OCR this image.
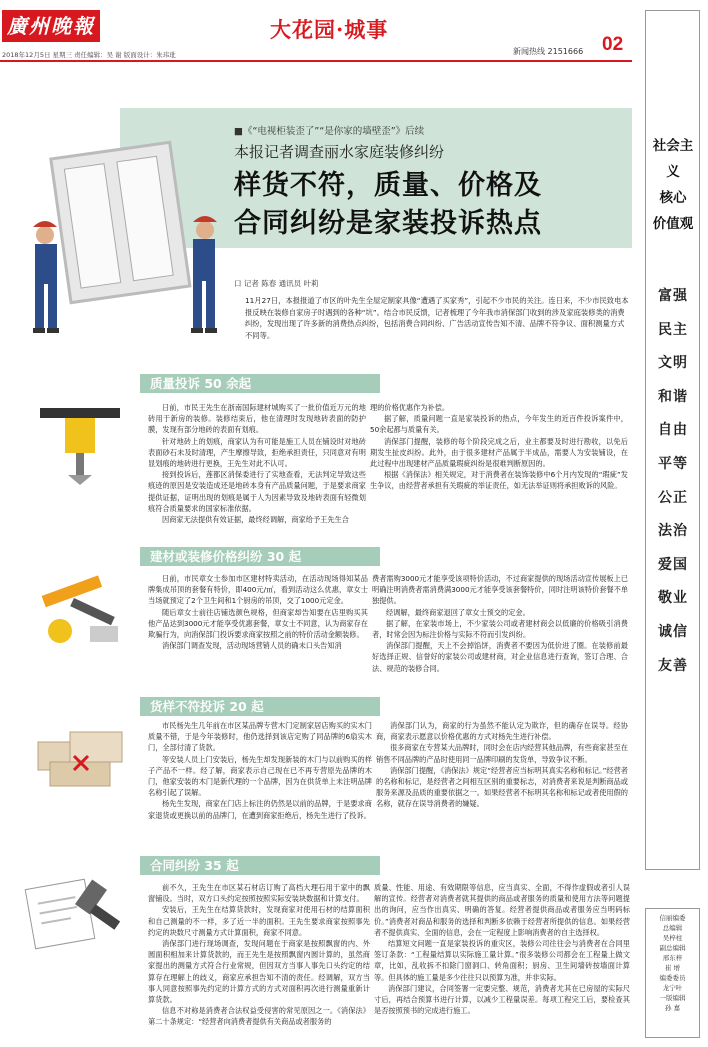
廣州晚報	大花园·城事
02
新闻热线 2151666
2018年12月5日 星期三 责任编辑：吴 谢 版面设计：朱玮玭
■《“电视柜装歪了”“是你家的墙壁歪”》后续
本报记者调查丽水家庭装修纠纷
样货不符，质量、价格及
合同纠纷是家装投诉热点
口 记者 陈春 通讯员 叶莉
11月27日，本报报道了市区的叶先生全屋定制家具像“遭遇了买家秀”，引起不少市民的关注。连日来，不少市民致电本报反映在装修自家房子时遇到的各种“坑”。结合市民反馈，记者梳理了今年我市消保部门收到的涉及家庭装修类的消费纠纷，发现出现了许多新的消费热点纠纷，包括消费合同纠纷、广告活动宣传告知不清、品牌不符争议、面积测量方式不同等。
质量投诉 50 余起

日前，市民王先生在浙南国际建材城购买了一批价值近万元的地砖用于新房的装修。装修结束后，他在清理时发现地砖表面的防护膜，发现有部分地砖的表面有划痕。

针对地砖上的划痕，商家认为有可能是施工人员在铺设时对地砖表面砂石未及时清理，产生摩擦导致，拒绝承担责任，只同意对有明显划痕的地砖进行更换，王先生对此不认可。

接到投诉后，莲都区消保委进行了实地查看，无法判定导致这些痕迹的原因是安装造成还是地砖本身有产品质量问题，于是要求商家提供证据，证明出现的划痕是属于人为因素导致及地砖表面有轻微划痕符合质量要求的国家标准依据。

因商家无法提供有效证据，最终经调解，商家给予王先生合

理的价格优惠作为补偿。

据了解，质量问题一直是家装投诉的热点，今年发生的近百件投诉案件中，50余起都与质量有关。

消保部门提醒，装修的每个阶段完成之后，业主都要及时进行勘收，以免后期发生扯皮纠纷。此外，由于很多建材产品属于半成品，需要人为安装铺设，在此过程中出现建材产品质量瑕疵纠纷是很难判断原因的。

根据《消保法》相关规定，对于消费者在装饰装修中6个月内发现的“瑕疵”发生争议，由经营者承担有关瑕疵的举证责任，如无法举证则将承担败诉的风险。

建材或装修价格纠纷 30 起

日前，市民章女士参加市区建材特卖活动，在活动现场得知某品牌集成吊顶的套餐有特价，即400元/㎡，看到活动这么优惠，章女士当场就预定了2个卫生间和1个厨房的吊顶，交了1000元定金。

随后章女士前往店铺选颜色规格，但商家却告知要在店里购买其他产品达到3000元才能享受优惠套餐，章女士不同意，认为商家存在欺骗行为，向消保部门投诉要求商家按照之前的特价活动金额装修。

消保部门调查发现，活动现场营销人员的确未口头告知消

费者需购3000元才能享受该项特价活动，不过商家提供的现场活动宣传展板上已明确注明消费者需消费满3000元才能享受该套餐特价，同时注明该特价套餐不单独提供。

经调解，最终商家退回了章女士预交的定金。

据了解，在家装市场上，不少家装公司或者建材商会以低廉的价格吸引消费者，时常会因为标注价格与实际不符而引发纠纷。

消保部门提醒，天上不会掉馅饼，消费者不要因为低价进了圈。在装修前最好选择正规、信誉好的家装公司或建材商，对企业信息进行查询，签订合理、合法、规范的装修合同。

货样不符投诉 20 起

市民杨先生几年前在市区某品牌专营木门定制家居店购买的实木门质量不错，于是今年装修时，他仍选择到该店定购了同品牌的6扇实木门，全部付清了货款。

等安装人员上门安装后，杨先生却发现新装的木门与以前购买的样子产品不一样。经了解，商家表示自己现在已不再专营原先品牌的木门，他家安装的木门是新代理的一个品牌，因为在供货单上未注明品牌名称引起了误解。

杨先生发现，商家在门店上标注的仍然是以前的品牌，于是要求商家退货或更换以前的品牌门，在遭到商家拒绝后，杨先生进行了投诉。

消保部门认为，商家的行为虽然不能认定为欺诈，但的确存在误导。经协商，商家表示愿意以价格优惠的方式对杨先生进行补偿。

很多商家在专营某大品牌时，同时会在店内经营其他品牌，有些商家甚至在销售不同品牌的产品时使用同一品牌印刷的发货单，导致争议不断。

消保部门提醒，《消保法》规定“经营者应当标明其真实名称和标记。”经营者的名称和标记，是经营者之间相互区别的重要标志，对消费者来说是判断商品或服务来源及品质的重要依据之一。如果经营者不标明其名称和标记或者使用假的名称，就存在误导消费者的嫌疑。

合同纠纷 35 起

前不久，王先生在市区某石材店订购了高档大理石用于家中的飘窗铺设。当时，双方口头约定按照按照实际安装块数据和计算支付。

安装后，王先生在结算货款时，发现商家对使用石材的结算面积和自己测量的不一样，多了近一半的面积。王先生要求商家按照事先约定的块数尺寸测量方式计算面积，商家不同意。

消保部门进行现场调查，发现问题在于商家是按照飘窗的内、外圆面积相加来计算货款的，而王先生是按照飘窗内圆计算的，虽然商家提出的测量方式符合行业常规，但因双方当事人事先口头约定的结算存在理解上的歧义，商家应承担告知不清的责任。经调解，双方当事人同意按照事先约定的计算方式的方式对面积再次进行测量重新计算货款。

信息不对称是消费者合法权益受侵害的常见原因之一。《消保法》第二十条规定：“经营者向消费者提供有关商品或者服务的

质量、性能、用途、有效期限等信息，应当真实、全面，不得作虚假或者引人误解的宣传。经营者对消费者就其提供的商品或者服务的质量和使用方法等问题提出的询问，应当作出真实、明确的答复。经营者提供商品或者服务应当明码标价。”消费者对商品和服务的选择和判断多依赖于经营者所提供的信息。如果经营者不提供真实、全面的信息，会在一定程度上影响消费者的自主选择权。

结算短文问题一直是家装投诉的重灾区，装修公司往往会与消费者在合同里签订条款：“工程量结算以实际施工量计算。”很多装修公司都会在工程量上做文章，比如，乱收拆不扣除门窗洞口、转角面积；厨房、卫生间墙砖按墙面计算等。但具体的施工量是多少往往只以预算为准，并非实际。

消保部门建议，合同签署一定要完整、规范，消费者尤其在已房屋的实际尺寸后，再结合预算书进行计算，以减少工程量误差。每项工程完工后，要检查其是否按照预书的完成进行施工。

社会主义
核心
价值观
富强
民主
文明
和谐
自由
平等
公正
法治
爱国
敬业
诚信
友善
信丽编委
总编辑
吴梓柱
副总编辑
邢东梓
崔 增
编委委员
龙宁叶
一版编辑
孙 嘉
